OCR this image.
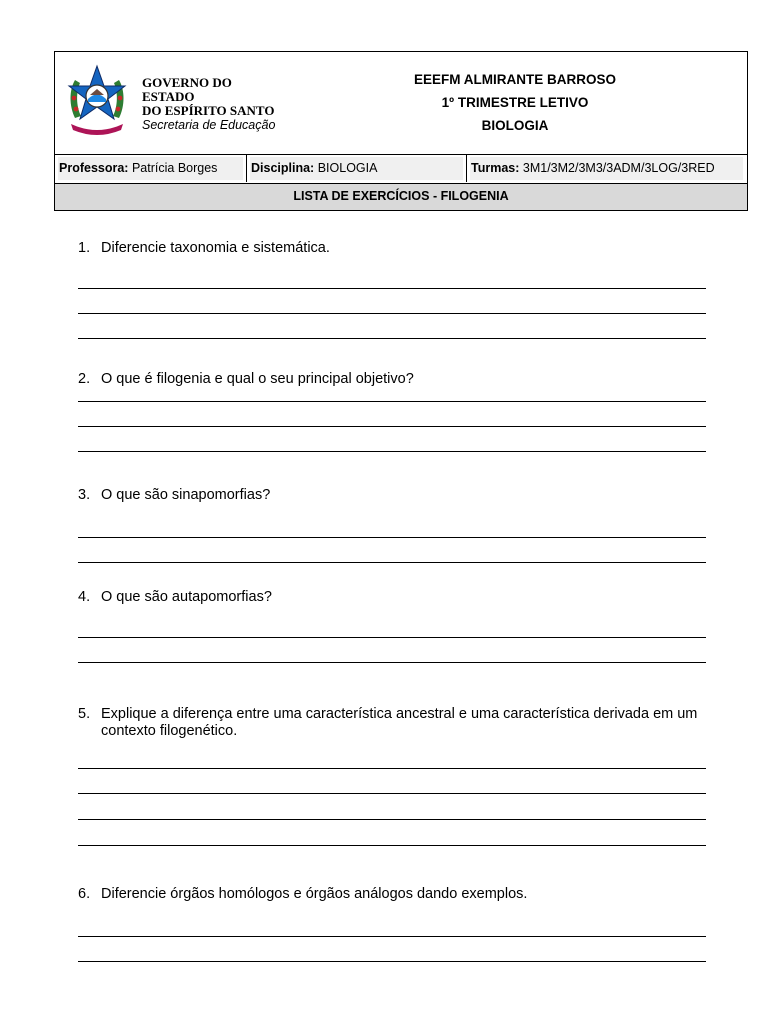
GOVERNO DO
ESTADO
DO ESPÍRITO SANTO
Secretaria de Educação
EEEFM ALMIRANTE BARROSO
1º TRIMESTRE LETIVO
BIOLOGIA
Professora: Patrícia Borges	Disciplina: BIOLOGIA	Turmas: 3M1/3M2/3M3/3ADM/3LOG/3RED
LISTA DE EXERCÍCIOS - FILOGENIA
1. Diferencie taxonomia e sistemática.
2. O que é filogenia e qual o seu principal objetivo?
3. O que são sinapomorfias?
4. O que são autapomorfias?
5. Explique a diferença entre uma característica ancestral e uma característica derivada em um contexto filogenético.
6. Diferencie órgãos homólogos e órgãos análogos dando exemplos.
